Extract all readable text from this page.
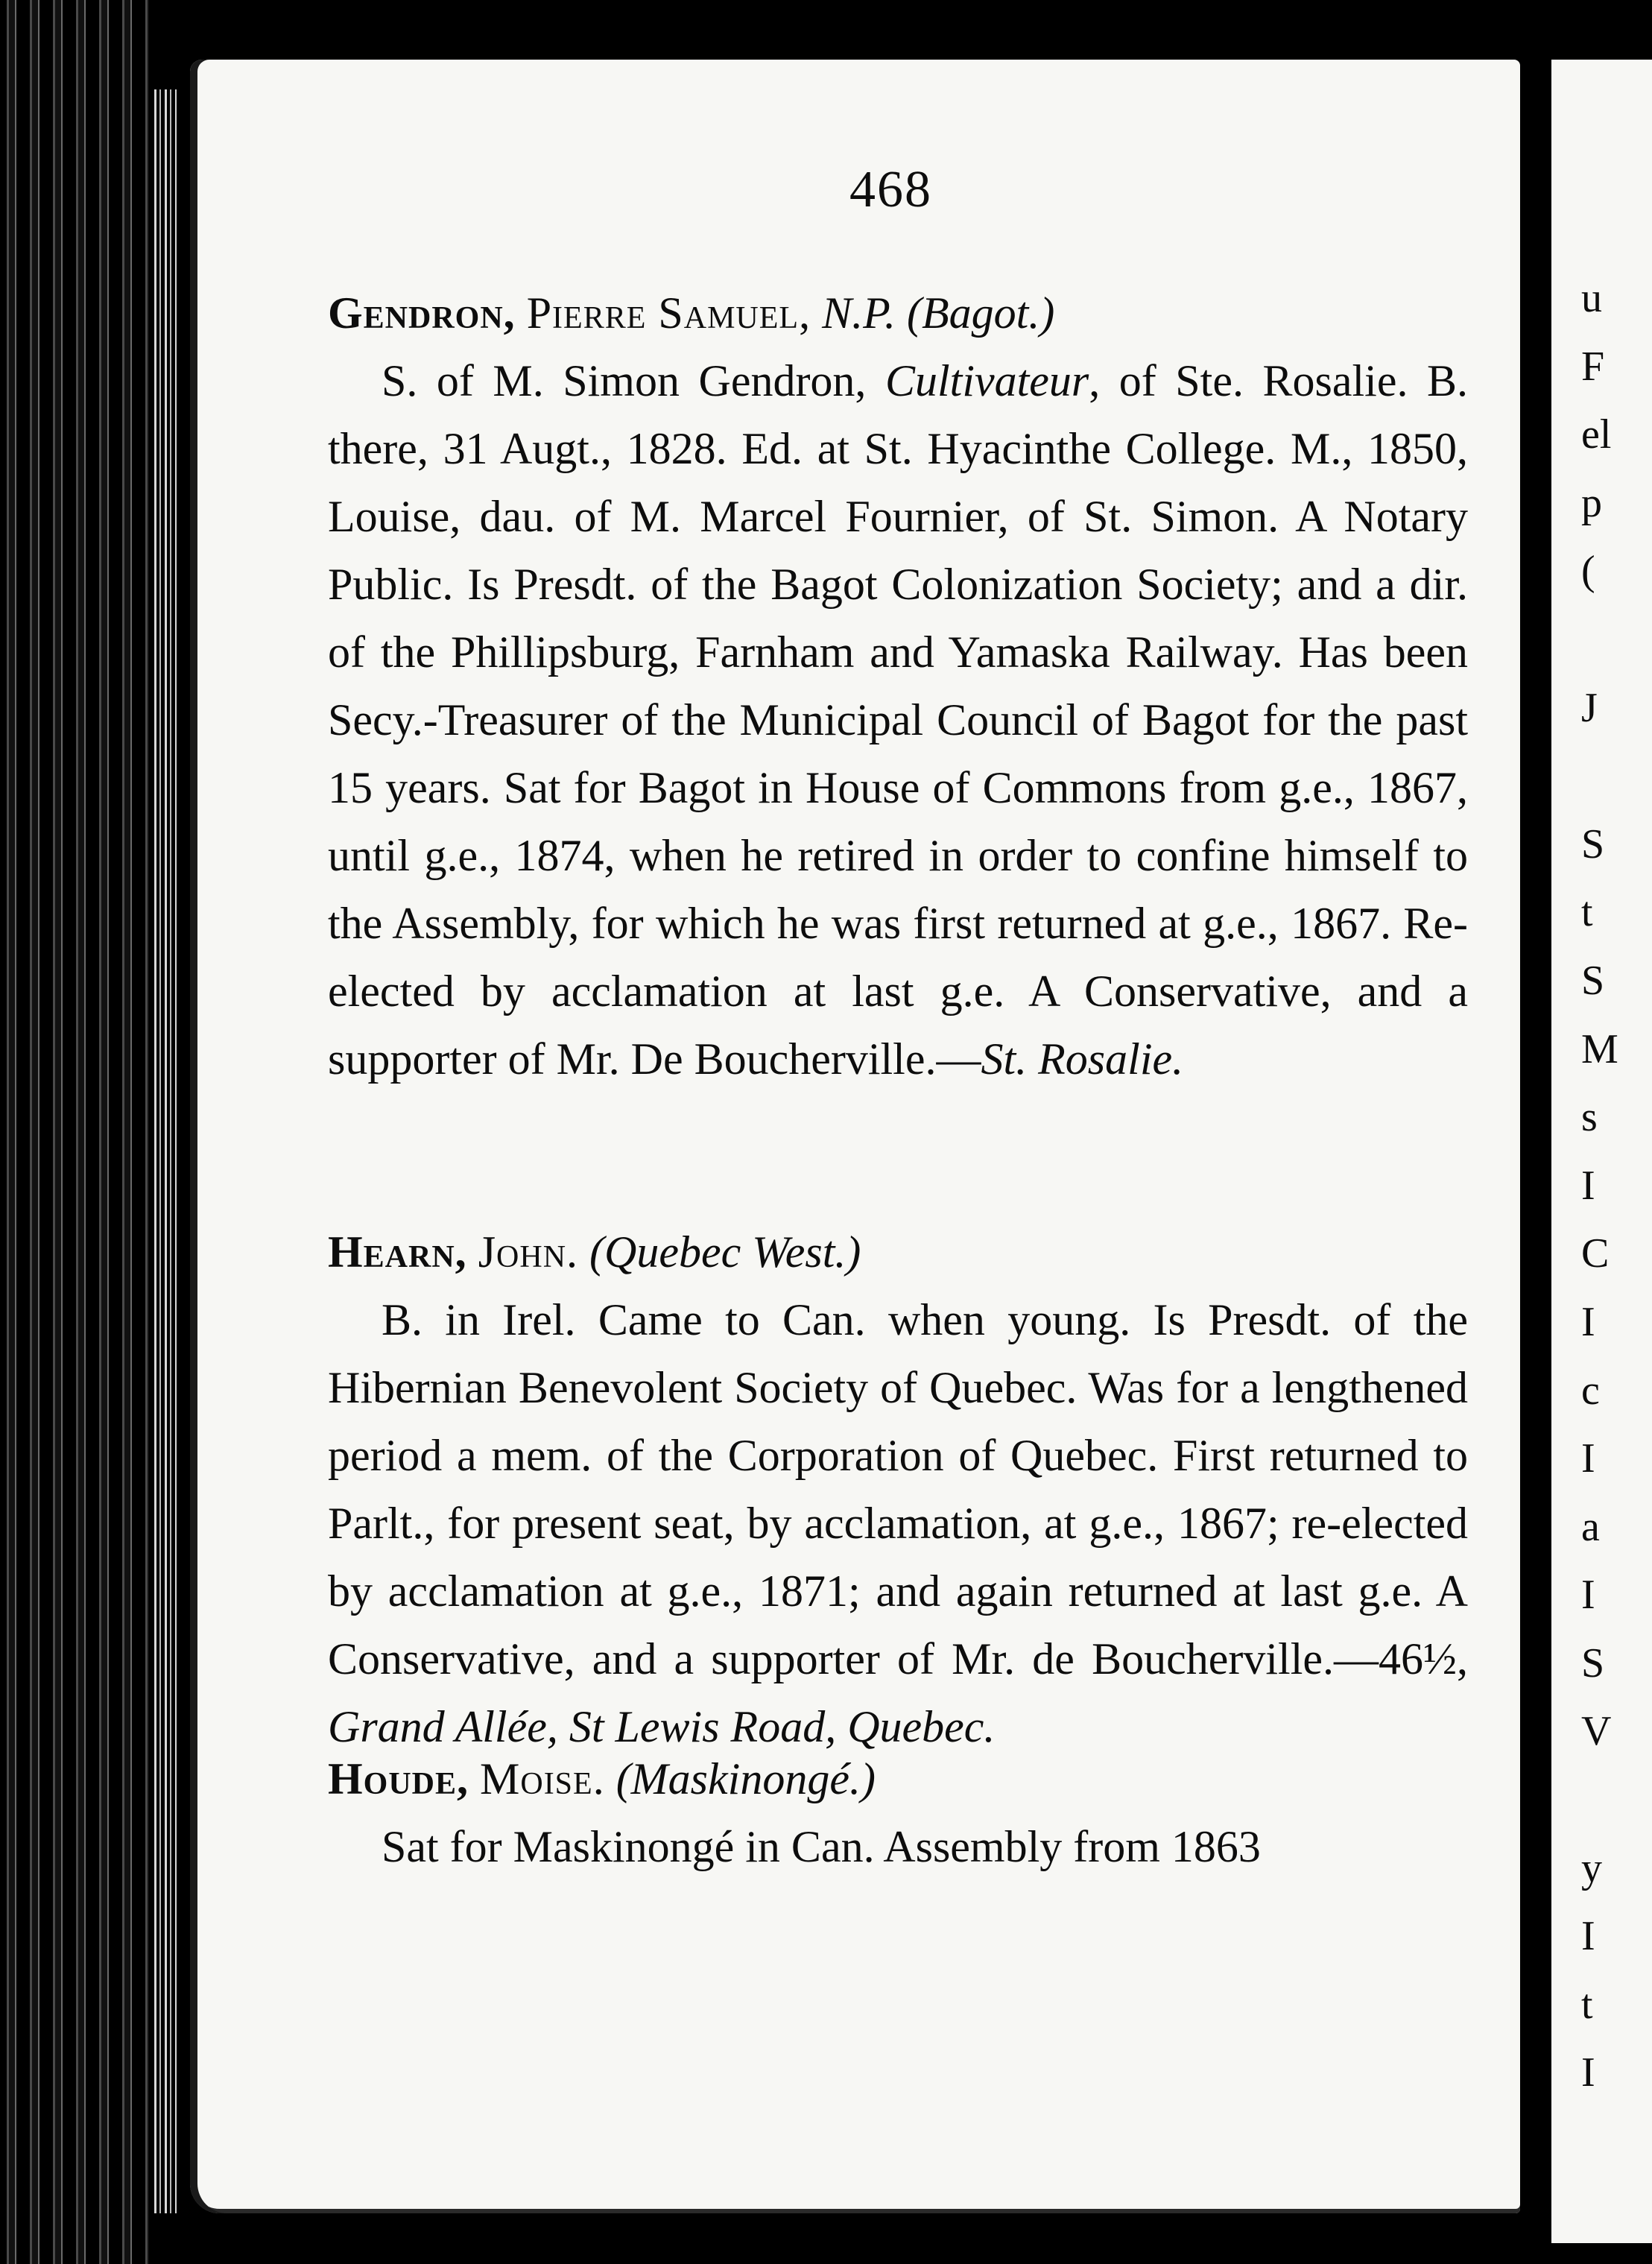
u
F
el
p
(

J

S
t
S
M
s
I
C
I
c
I
a
I
S
V

y
I
t
I
468
Gendron, Pierre Samuel, N.P. (Bagot.)
S. of M. Simon Gendron, Cultivateur, of Ste. Rosalie. B. there, 31 Augt., 1828. Ed. at St. Hyacinthe College. M., 1850, Louise, dau. of M. Marcel Fournier, of St. Simon. A Notary Public. Is Presdt. of the Bagot Colonization Society; and a dir. of the Phillipsburg, Farnham and Yamaska Railway. Has been Secy.-Treasurer of the Municipal Council of Bagot for the past 15 years. Sat for Bagot in House of Commons from g.e., 1867, until g.e., 1874, when he retired in order to confine himself to the Assembly, for which he was first returned at g.e., 1867. Re-elected by acclamation at last g.e. A Conservative, and a supporter of Mr. De Boucherville.—St. Rosalie.
Hearn, John. (Quebec West.)
B. in Irel. Came to Can. when young. Is Presdt. of the Hibernian Benevolent Society of Quebec. Was for a lengthened period a mem. of the Corporation of Quebec. First returned to Parlt., for present seat, by acclamation, at g.e., 1867; re-elected by acclamation at g.e., 1871; and again returned at last g.e. A Conservative, and a supporter of Mr. de Boucherville.—46½, Grand Allée, St Lewis Road, Quebec.
Houde, Moise. (Maskinongé.)
Sat for Maskinongé in Can. Assembly from 1863
